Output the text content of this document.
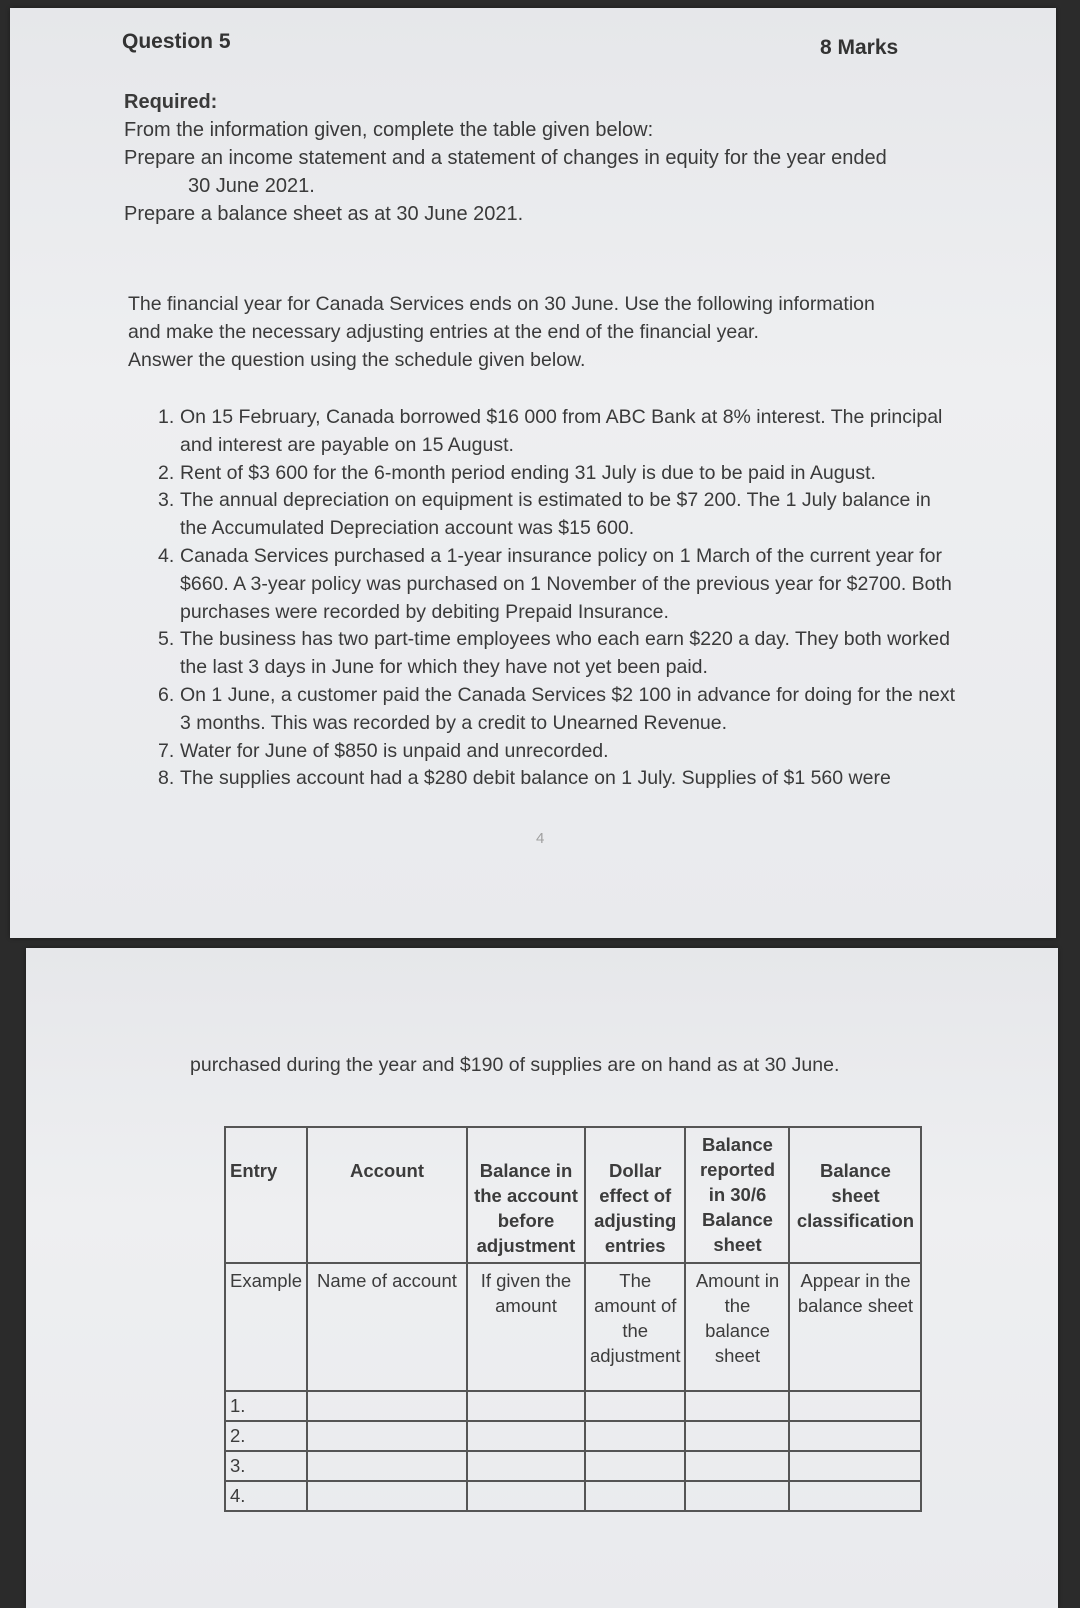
Question 5	8 Marks
Required:
From the information given, complete the table given below:
Prepare an income statement and a statement of changes in equity for the year ended
30 June 2021.
Prepare a balance sheet as at 30 June 2021.
The financial year for Canada Services ends on 30 June. Use the following information
and make the necessary adjusting entries at the end of the financial year.
Answer the question using the schedule given below.
1. On 15 February, Canada borrowed $16 000 from ABC Bank at 8% interest. The principal and interest are payable on 15 August.
2. Rent of $3 600 for the 6-month period ending 31 July is due to be paid in August.
3. The annual depreciation on equipment is estimated to be $7 200. The 1 July balance in the Accumulated Depreciation account was $15 600.
4. Canada Services purchased a 1-year insurance policy on 1 March of the current year for $660. A 3-year policy was purchased on 1 November of the previous year for $2700. Both purchases were recorded by debiting Prepaid Insurance.
5. The business has two part-time employees who each earn $220 a day. They both worked the last 3 days in June for which they have not yet been paid.
6. On 1 June, a customer paid the Canada Services $2 100 in advance for doing for the next 3 months. This was recorded by a credit to Unearned Revenue.
7. Water for June of $850 is unpaid and unrecorded.
8. The supplies account had a $280 debit balance on 1 July. Supplies of $1 560 were
4
purchased during the year and $190 of supplies are on hand as at 30 June.
Entry	Account	Balance in the account before adjustment	Dollar effect of adjusting entries	Balance reported in 30/6 Balance sheet	Balance sheet classification
Example	Name of account	If given the amount	The amount of the adjustment	Amount in the balance sheet	Appear in the balance sheet
1.					
2.					
3.					
4.					
